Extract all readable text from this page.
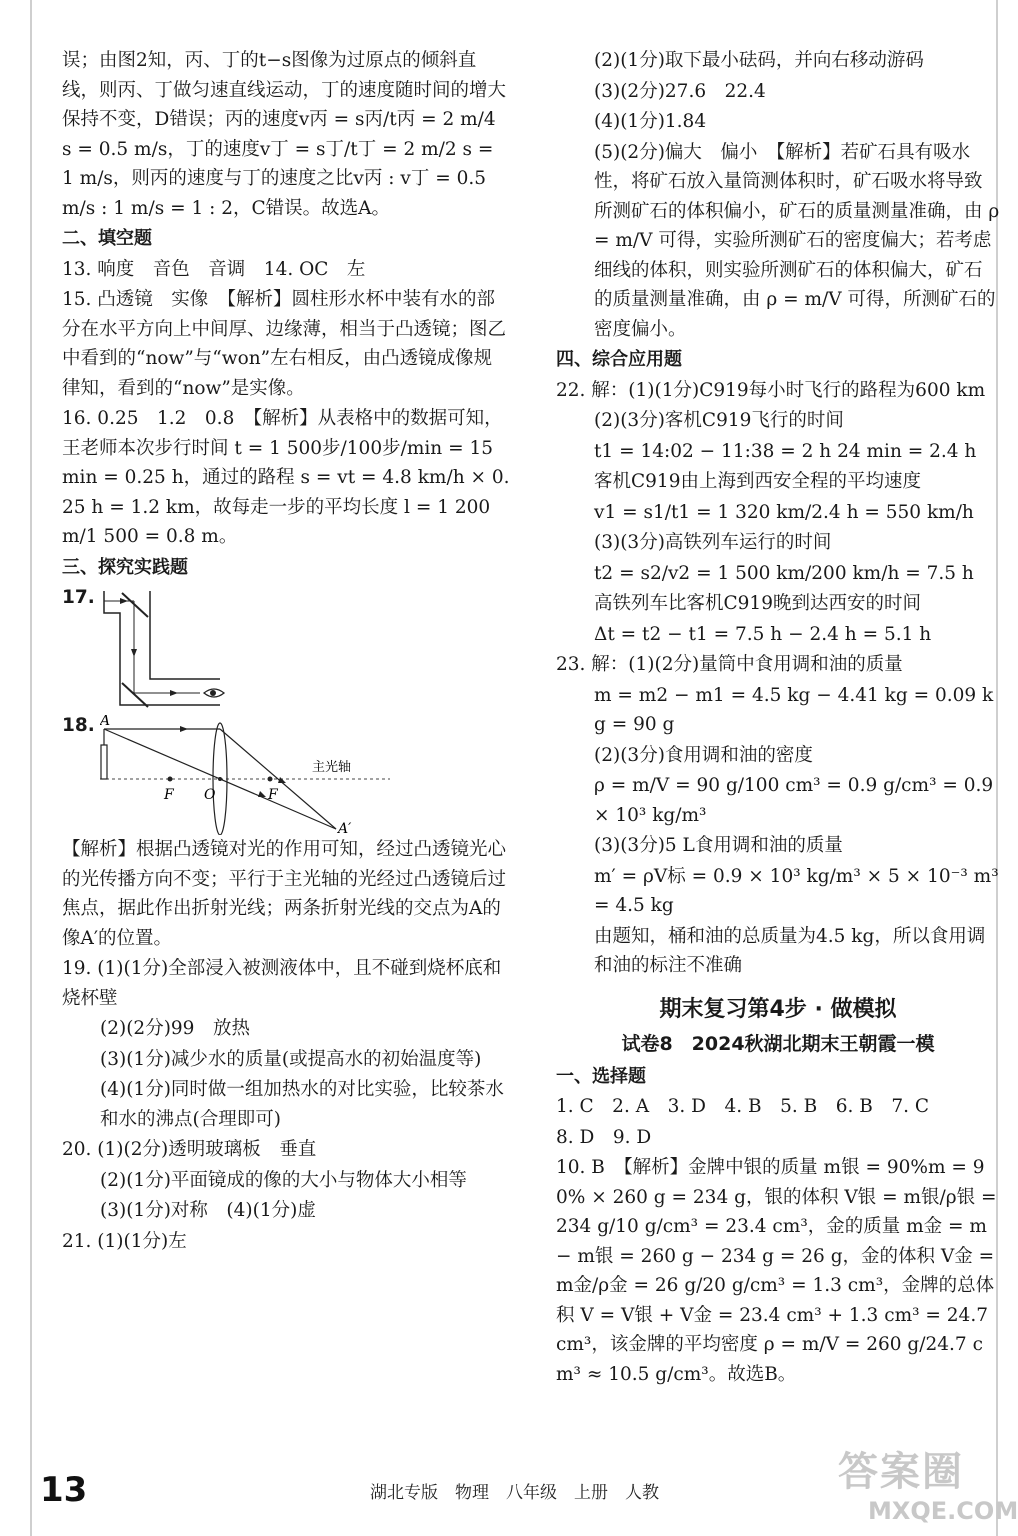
误；由图2知，丙、丁的t−s图像为过原点的倾斜直线，则丙、丁做匀速直线运动，丁的速度随时间的增大保持不变，D错误；丙的速度v丙 = s丙/t丙 = 2 m/4 s = 0.5 m/s，丁的速度v丁 = s丁/t丁 = 2 m/2 s = 1 m/s，则丙的速度与丁的速度之比v丙 : v丁 = 0.5 m/s : 1 m/s = 1 : 2，C错误。故选A。

二、填空题

13. 响度　音色　音调　14. OC　左

15. 凸透镜　实像　【解析】圆柱形水杯中装有水的部分在水平方向上中间厚、边缘薄，相当于凸透镜；图乙中看到的“now”与“won”左右相反，由凸透镜成像规律知，看到的“now”是实像。

16. 0.25　1.2　0.8　【解析】从表格中的数据可知，王老师本次步行时间 t = 1 500步/100步/min = 15 min = 0.25 h，通过的路程 s = vt = 4.8 km/h × 0.25 h = 1.2 km，故每走一步的平均长度 l = 1 200 m/1 500 = 0.8 m。

三、探究实践题

17.
18. A
F O	F
A′
主光轴

【解析】根据凸透镜对光的作用可知，经过凸透镜光心的光传播方向不变；平行于主光轴的光经过凸透镜后过焦点，据此作出折射光线；两条折射光线的交点为A的像A′的位置。

19. (1)(1分)全部浸入被测液体中，且不碰到烧杯底和烧杯壁

(2)(2分)99　放热

(3)(1分)减少水的质量(或提高水的初始温度等)

(4)(1分)同时做一组加热水的对比实验，比较茶水和水的沸点(合理即可)

20. (1)(2分)透明玻璃板　垂直

(2)(1分)平面镜成的像的大小与物体大小相等

(3)(1分)对称　(4)(1分)虚

21. (1)(1分)左

(2)(1分)取下最小砝码，并向右移动游码

(3)(2分)27.6　22.4

(4)(1分)1.84

(5)(2分)偏大　偏小　【解析】若矿石具有吸水性，将矿石放入量筒测体积时，矿石吸水将导致所测矿石的体积偏小，矿石的质量测量准确，由 ρ = m/V 可得，实验所测矿石的密度偏大；若考虑细线的体积，则实验所测矿石的体积偏大，矿石的质量测量准确，由 ρ = m/V 可得，所测矿石的密度偏小。

四、综合应用题

22. 解：(1)(1分)C919每小时飞行的路程为600 km

(2)(3分)客机C919飞行的时间

t1 = 14:02 − 11:38 = 2 h 24 min = 2.4 h

客机C919由上海到西安全程的平均速度

v1 = s1/t1 = 1 320 km/2.4 h = 550 km/h

(3)(3分)高铁列车运行的时间

t2 = s2/v2 = 1 500 km/200 km/h = 7.5 h

高铁列车比客机C919晚到达西安的时间

Δt = t2 − t1 = 7.5 h − 2.4 h = 5.1 h

23. 解：(1)(2分)量筒中食用调和油的质量

m = m2 − m1 = 4.5 kg − 4.41 kg = 0.09 kg = 90 g

(2)(3分)食用调和油的密度

ρ = m/V = 90 g/100 cm³ = 0.9 g/cm³ = 0.9 × 10³ kg/m³

(3)(3分)5 L食用调和油的质量

m′ = ρV标 = 0.9 × 10³ kg/m³ × 5 × 10⁻³ m³ = 4.5 kg

由题知，桶和油的总质量为4.5 kg，所以食用调和油的标注不准确

期末复习第4步 · 做模拟
试卷8　2024秋湖北期末王朝霞一模

一、选择题

1. C　2. A　3. D　4. B　5. B　6. B　7. C

8. D　9. D

10. B　【解析】金牌中银的质量 m银 = 90%m = 90% × 260 g = 234 g，银的体积 V银 = m银/ρ银 = 234 g/10 g/cm³ = 23.4 cm³，金的质量 m金 = m − m银 = 260 g − 234 g = 26 g，金的体积 V金 = m金/ρ金 = 26 g/20 g/cm³ = 1.3 cm³，金牌的总体积 V = V银 + V金 = 23.4 cm³ + 1.3 cm³ = 24.7 cm³，该金牌的平均密度 ρ = m/V = 260 g/24.7 cm³ ≈ 10.5 g/cm³。故选B。

13	湖北专版　物理　八年级　上册　人教	答案圈
MXQE.COM
